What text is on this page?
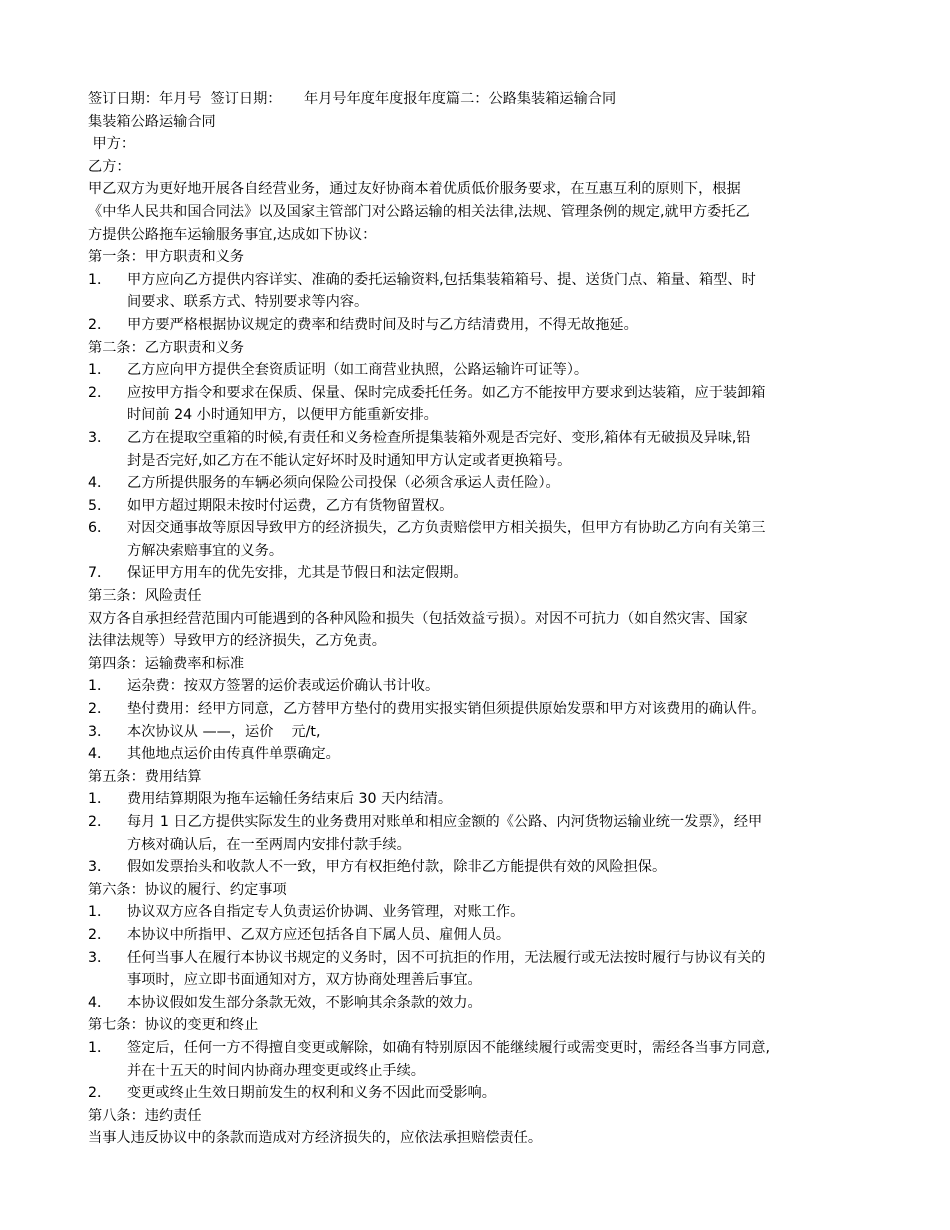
签订日期：年月号  签订日期：     年月号年度年度报年度篇二：公路集装箱运输合同
集装箱公路运输合同
甲方：
乙方：
甲乙双方为更好地开展各自经营业务，通过友好协商本着优质低价服务要求，在互惠互利的原则下，根据
《中华人民共和国合同法》以及国家主管部门对公路运输的相关法律,法规、管理条例的规定,就甲方委托乙
方提供公路拖车运输服务事宜,达成如下协议：
第一条：甲方职责和义务
1．	甲方应向乙方提供内容详实、准确的委托运输资料,包括集装箱箱号、提、送货门点、箱量、箱型、时
间要求、联系方式、特别要求等内容。
2．	甲方要严格根据协议规定的费率和结费时间及时与乙方结清费用，不得无故拖延。
第二条：乙方职责和义务
1．	乙方应向甲方提供全套资质证明（如工商营业执照，公路运输许可证等）。
2．	应按甲方指令和要求在保质、保量、保时完成委托任务。如乙方不能按甲方要求到达装箱，应于装卸箱
时间前 24 小时通知甲方，以便甲方能重新安排。
3．	乙方在提取空重箱的时候,有责任和义务检查所提集装箱外观是否完好、变形,箱体有无破损及异味,铅
封是否完好,如乙方在不能认定好坏时及时通知甲方认定或者更换箱号。
4．	乙方所提供服务的车辆必须向保险公司投保（必须含承运人责任险）。
5．	如甲方超过期限未按时付运费，乙方有货物留置权。
6．	对因交通事故等原因导致甲方的经济损失，乙方负责赔偿甲方相关损失，但甲方有协助乙方向有关第三
方解决索赔事宜的义务。
7．	保证甲方用车的优先安排，尤其是节假日和法定假期。
第三条：风险责任
双方各自承担经营范围内可能遇到的各种风险和损失（包括效益亏损）。对因不可抗力（如自然灾害、国家
法律法规等）导致甲方的经济损失，乙方免责。
第四条：运输费率和标准
1．	运杂费：按双方签署的运价表或运价确认书计收。
2．	垫付费用：经甲方同意，乙方替甲方垫付的费用实报实销但须提供原始发票和甲方对该费用的确认件。
3．	本次协议从 ——，运价    元/t,
4．	其他地点运价由传真件单票确定。
第五条：费用结算
1．	费用结算期限为拖车运输任务结束后 30 天内结清。
2．	每月 1 日乙方提供实际发生的业务费用对账单和相应金额的《公路、内河货物运输业统一发票》，经甲
方核对确认后，在一至两周内安排付款手续。
3．	假如发票抬头和收款人不一致，甲方有权拒绝付款，除非乙方能提供有效的风险担保。
第六条：协议的履行、约定事项
1．	协议双方应各自指定专人负责运价协调、业务管理，对账工作。
2．	本协议中所指甲、乙双方应还包括各自下属人员、雇佣人员。
3．	任何当事人在履行本协议书规定的义务时，因不可抗拒的作用，无法履行或无法按时履行与协议有关的
事项时，应立即书面通知对方，双方协商处理善后事宜。
4．	本协议假如发生部分条款无效，不影响其余条款的效力。
第七条：协议的变更和终止
1．	签定后，任何一方不得擅自变更或解除，如确有特别原因不能继续履行或需变更时，需经各当事方同意,
并在十五天的时间内协商办理变更或终止手续。
2．	变更或终止生效日期前发生的权利和义务不因此而受影响。
第八条：违约责任
当事人违反协议中的条款而造成对方经济损失的，应依法承担赔偿责任。
